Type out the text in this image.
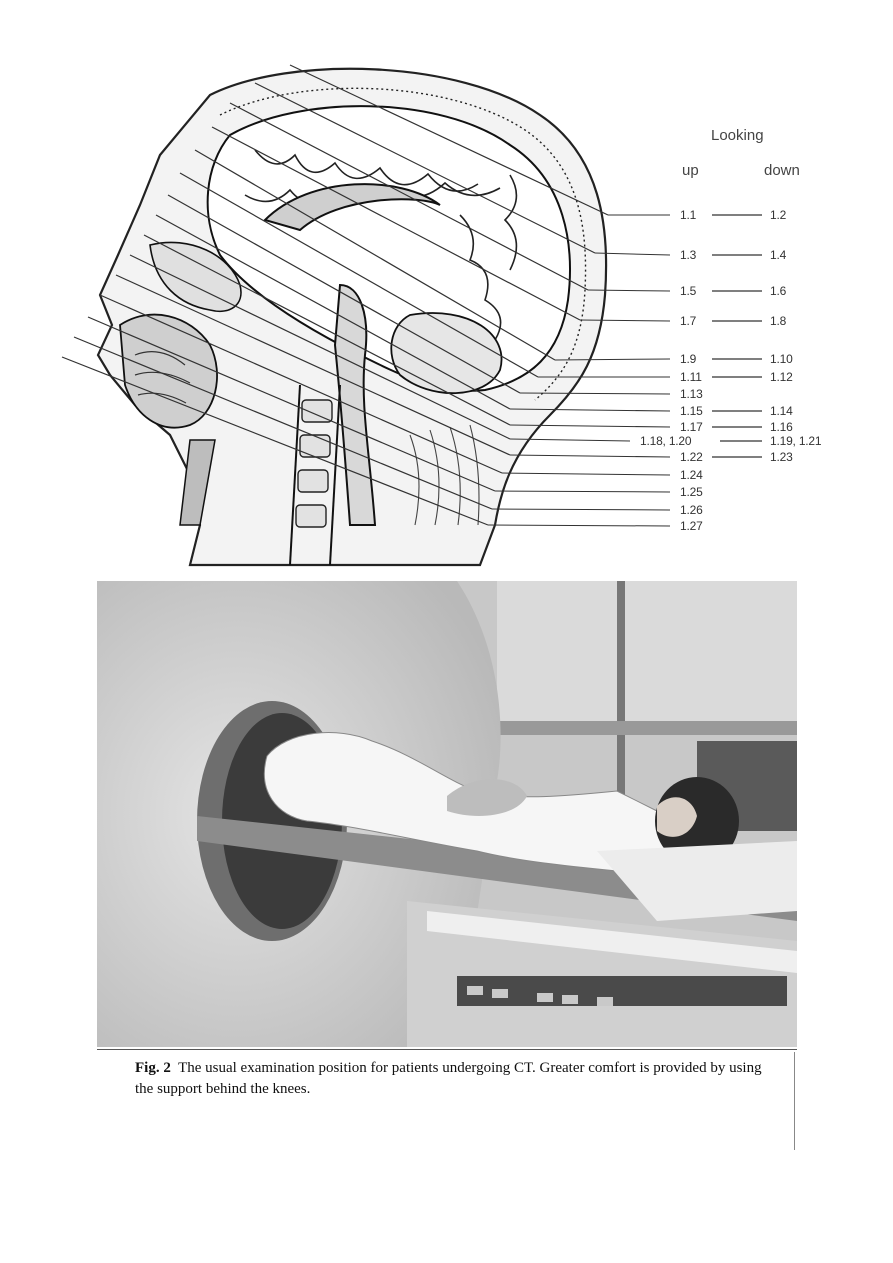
Looking
up	down
1.1	1.2
1.3	1.4
1.5	1.6
1.7	1.8
1.9	1.10
1.11	1.12
1.13
1.15	1.14
1.17	1.16
1.18, 1.20	1.19, 1.21
1.22	1.23
1.24
1.25
1.26
1.27
Fig. 2 The usual examination position for patients undergoing CT. Greater comfort is provided by using the support behind the knees.
